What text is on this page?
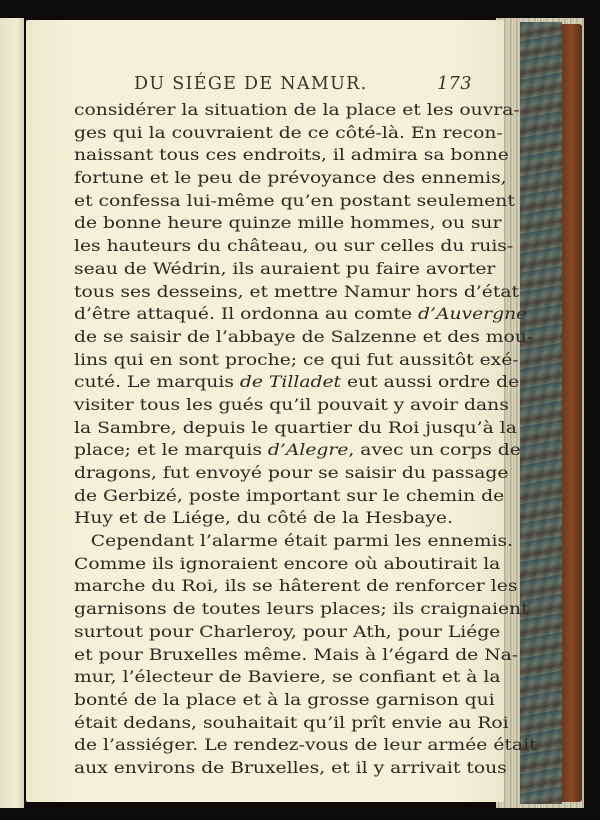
DU SIÉGE DE NAMUR.	173
considérer la situation de la place et les ouvra-
ges qui la couvraient de ce côté-là. En recon-
naissant tous ces endroits, il admira sa bonne
fortune et le peu de prévoyance des ennemis,
et confessa lui-même qu’en postant seulement
de bonne heure quinze mille hommes, ou sur
les hauteurs du château, ou sur celles du ruis-
seau de Wédrin, ils auraient pu faire avorter
tous ses desseins, et mettre Namur hors d’état
d’être attaqué. Il ordonna au comte d’Auvergne
de se saisir de l’abbaye de Salzenne et des mou-
lins qui en sont proche; ce qui fut aussitôt exé-
cuté. Le marquis de Tilladet eut aussi ordre de
visiter tous les gués qu’il pouvait y avoir dans
la Sambre, depuis le quartier du Roi jusqu’à la
place; et le marquis d’Alegre, avec un corps de
dragons, fut envoyé pour se saisir du passage
de Gerbizé, poste important sur le chemin de
Huy et de Liége, du côté de la Hesbaye.
Cependant l’alarme était parmi les ennemis.
Comme ils ignoraient encore où aboutirait la
marche du Roi, ils se hâterent de renforcer les
garnisons de toutes leurs places; ils craignaient
surtout pour Charleroy, pour Ath, pour Liége
et pour Bruxelles même. Mais à l’égard de Na-
mur, l’électeur de Baviere, se confiant et à la
bonté de la place et à la grosse garnison qui
était dedans, souhaitait qu’il prît envie au Roi
de l’assiéger. Le rendez-vous de leur armée était
aux environs de Bruxelles, et il y arrivait tous
